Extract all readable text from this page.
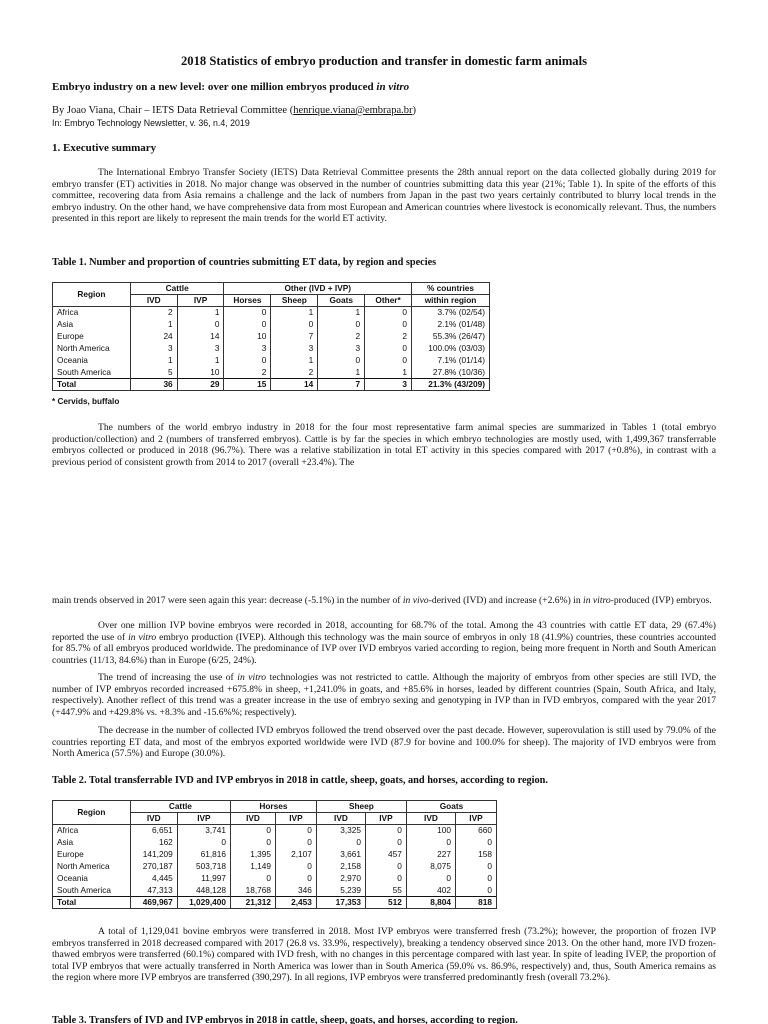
2018 Statistics of embryo production and transfer in domestic farm animals
Embryo industry on a new level: over one million embryos produced in vitro
By Joao Viana, Chair – IETS Data Retrieval Committee (henrique.viana@embrapa.br)
In: Embryo Technology Newsletter, v. 36, n.4, 2019
1. Executive summary

The International Embryo Transfer Society (IETS) Data Retrieval Committee presents the 28th annual report on the data collected globally during 2019 for embryo transfer (ET) activities in 2018. No major change was observed in the number of countries submitting data this year (21%; Table 1). In spite of the efforts of this committee, recovering data from Asia remains a challenge and the lack of numbers from Japan in the past two years certainly contributed to blurry local trends in the embryo industry. On the other hand, we have comprehensive data from most European and American countries where livestock is economically relevant. Thus, the numbers presented in this report are likely to represent the main trends for the world ET activity.

Table 1. Number and proportion of countries submitting ET data, by region and species
Region	Cattle		Other (IVD + IVP)				% countries
	IVD	IVP	Horses	Sheep	Goats	Other*	within region
Africa	2	1	0	1	1	0	3.7% (02/54)
Asia	1	0	0	0	0	0	2.1% (01/48)
Europe	24	14	10	7	2	2	55.3% (26/47)
North America	3	3	3	3	3	0	100.0% (03/03)
Oceania	1	1	0	1	0	0	7.1% (01/14)
South America	5	10	2	2	1	1	27.8% (10/36)
Total	36	29	15	14	7	3	21.3% (43/209)
* Cervids, buffalo

The numbers of the world embryo industry in 2018 for the four most representative farm animal species are summarized in Tables 1 (total embryo production/collection) and 2 (numbers of transferred embryos). Cattle is by far the species in which embryo technologies are mostly used, with 1,499,367 transferrable embryos collected or produced in 2018 (96.7%). There was a relative stabilization in total ET activity in this species compared with 2017 (+0.8%), in contrast with a previous period of consistent growth from 2014 to 2017 (overall +23.4%). The

main trends observed in 2017 were seen again this year: decrease (-5.1%) in the number of in vivo-derived (IVD) and increase (+2.6%) in in vitro-produced (IVP) embryos.

Over one million IVP bovine embryos were recorded in 2018, accounting for 68.7% of the total. Among the 43 countries with cattle ET data, 29 (67.4%) reported the use of in vitro embryo production (IVEP). Although this technology was the main source of embryos in only 18 (41.9%) countries, these countries accounted for 85.7% of all embryos produced worldwide. The predominance of IVP over IVD embryos varied according to region, being more frequent in North and South American countries (11/13, 84.6%) than in Europe (6/25, 24%).

The trend of increasing the use of in vitro technologies was not restricted to cattle. Although the majority of embryos from other species are still IVD, the number of IVP embryos recorded increased +675.8% in sheep, +1,241.0% in goats, and +85.6% in horses, leaded by different countries (Spain, South Africa, and Italy, respectively). Another reflect of this trend was a greater increase in the use of embryo sexing and genotyping in IVP than in IVD embryos, compared with the year 2017 (+447.9% and +429.8% vs. +8.3% and -15.6%%; respectively).

The decrease in the number of collected IVD embryos followed the trend observed over the past decade. However, superovulation is still used by 79.0% of the countries reporting ET data, and most of the embryos exported worldwide were IVD (87.9 for bovine and 100.0% for sheep). The majority of IVD embryos were from North America (57.5%) and Europe (30.0%).

Table 2. Total transferrable IVD and IVP embryos in 2018 in cattle, sheep, goats, and horses, according to region.
Region	Cattle		Horses		Sheep		Goats	
	IVD	IVP	IVD	IVP	IVD	IVP	IVD	IVP
Africa	6,651	3,741	0	0	3,325	0	100	660
Asia	162	0	0	0	0	0	0	0
Europe	141,209	61,816	1,395	2,107	3,661	457	227	158
North America	270,187	503,718	1,149	0	2,158	0	8,075	0
Oceania	4,445	11,997	0	0	2,970	0	0	0
South America	47,313	448,128	18,768	346	5,239	55	402	0
Total	469,967	1,029,400	21,312	2,453	17,353	512	8,804	818

A total of 1,129,041 bovine embryos were transferred in 2018. Most IVP embryos were transferred fresh (73.2%); however, the proportion of frozen IVP embryos transferred in 2018 decreased compared with 2017 (26.8 vs. 33.9%, respectively), breaking a tendency observed since 2013. On the other hand, more IVD frozen-thawed embryos were transferred (60.1%) compared with IVD fresh, with no changes in this percentage compared with last year. In spite of leading IVEP, the proportion of total IVP embryos that were actually transferred in North America was lower than in South America (59.0% vs. 86.9%, respectively) and, thus, South America remains as the region where more IVP embryos are transferred (390,297). In all regions, IVP embryos were transferred predominantly fresh (overall 73.2%).

Table 3. Transfers of IVD and IVP embryos in 2018 in cattle, sheep, goats, and horses, according to region.
